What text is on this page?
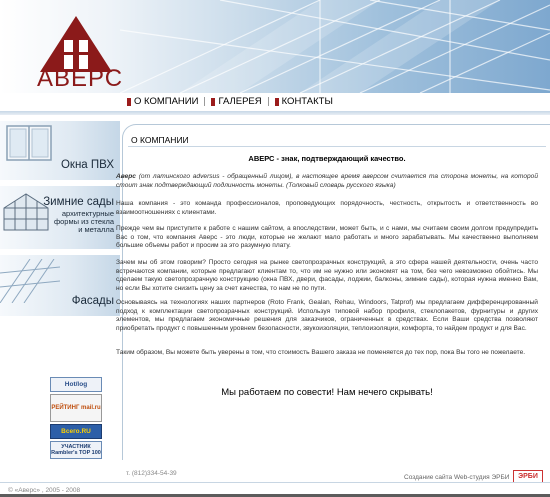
АВЕРС
О КОМПАНИИ ГАЛЕРЕЯ КОНТАКТЫ
Окна ПВХ
Зимние сады
архитектурные формы из стекла и металла
Фасады
Hot/log
РЕЙТИНГ mail.ru
Всего.RU
УЧАСТНИК Rambler's TOP 100
О КОМПАНИИ
АВЕРС - знак, подтверждающий качество.
Аверс (от латинского adversus - обращенный лицом), в настоящее время аверсом считается та сторона монеты, на которой стоит знак подтверждающий подлинность монеты. (Толковый словарь русского языка)
Наша компания - это команда профессионалов, проповедующих порядочность, честность, открытость и ответственность во взаимоотношениях с клиентами.
Прежде чем вы приступите к работе с нашим сайтом, а впоследствии, может быть, и с нами, мы считаем своим долгом предупредить Вас о том, что компания Аверс - это люди, которые не желают мало работать и много зарабатывать. Мы качественно выполняем большие объемы работ и просим за это разумную плату.
Зачем мы об этом говорим? Просто сегодня на рынке светопрозрачных конструкций, а это сфера нашей деятельности, очень часто встречаются компании, которые предлагают клиентам то, что им не нужно или экономят на том, без чего невозможно обойтись. Мы сделаем такую светопрозрачную конструкцию (окна ПВХ, двери, фасады, лоджии, балконы, зимние сады), которая нужна именно Вам, но если Вы хотите снизить цену за счет качества, то нам не по пути.
Основываясь на технологиях наших партнеров (Roto Frank, Gealan, Rehau, Windoors, Tatprof) мы предлагаем дифференцированный подход к комплектации светопрозрачных конструкций. Используя типовой набор профиля, стеклопакетов, фурнитуры и других элементов, мы предлагаем экономичные решения для заказчиков, ограниченных в средствах. Если Ваши средства позволяют приобретать продукт с повышенным уровнем безопасности, звукоизоляции, теплоизоляции, комфорта, то найдем продукт и для Вас.
Таким образом, Вы можете быть уверены в том, что стоимость Вашего заказа не поменяется до тех пор, пока Вы того не пожелаете.
Мы работаем по совести! Нам нечего скрывать!
т. (812)334-54-39
Создание сайта Web-студия ЭРБИ	ЭРБИ
© «Аверс» , 2005 - 2008
